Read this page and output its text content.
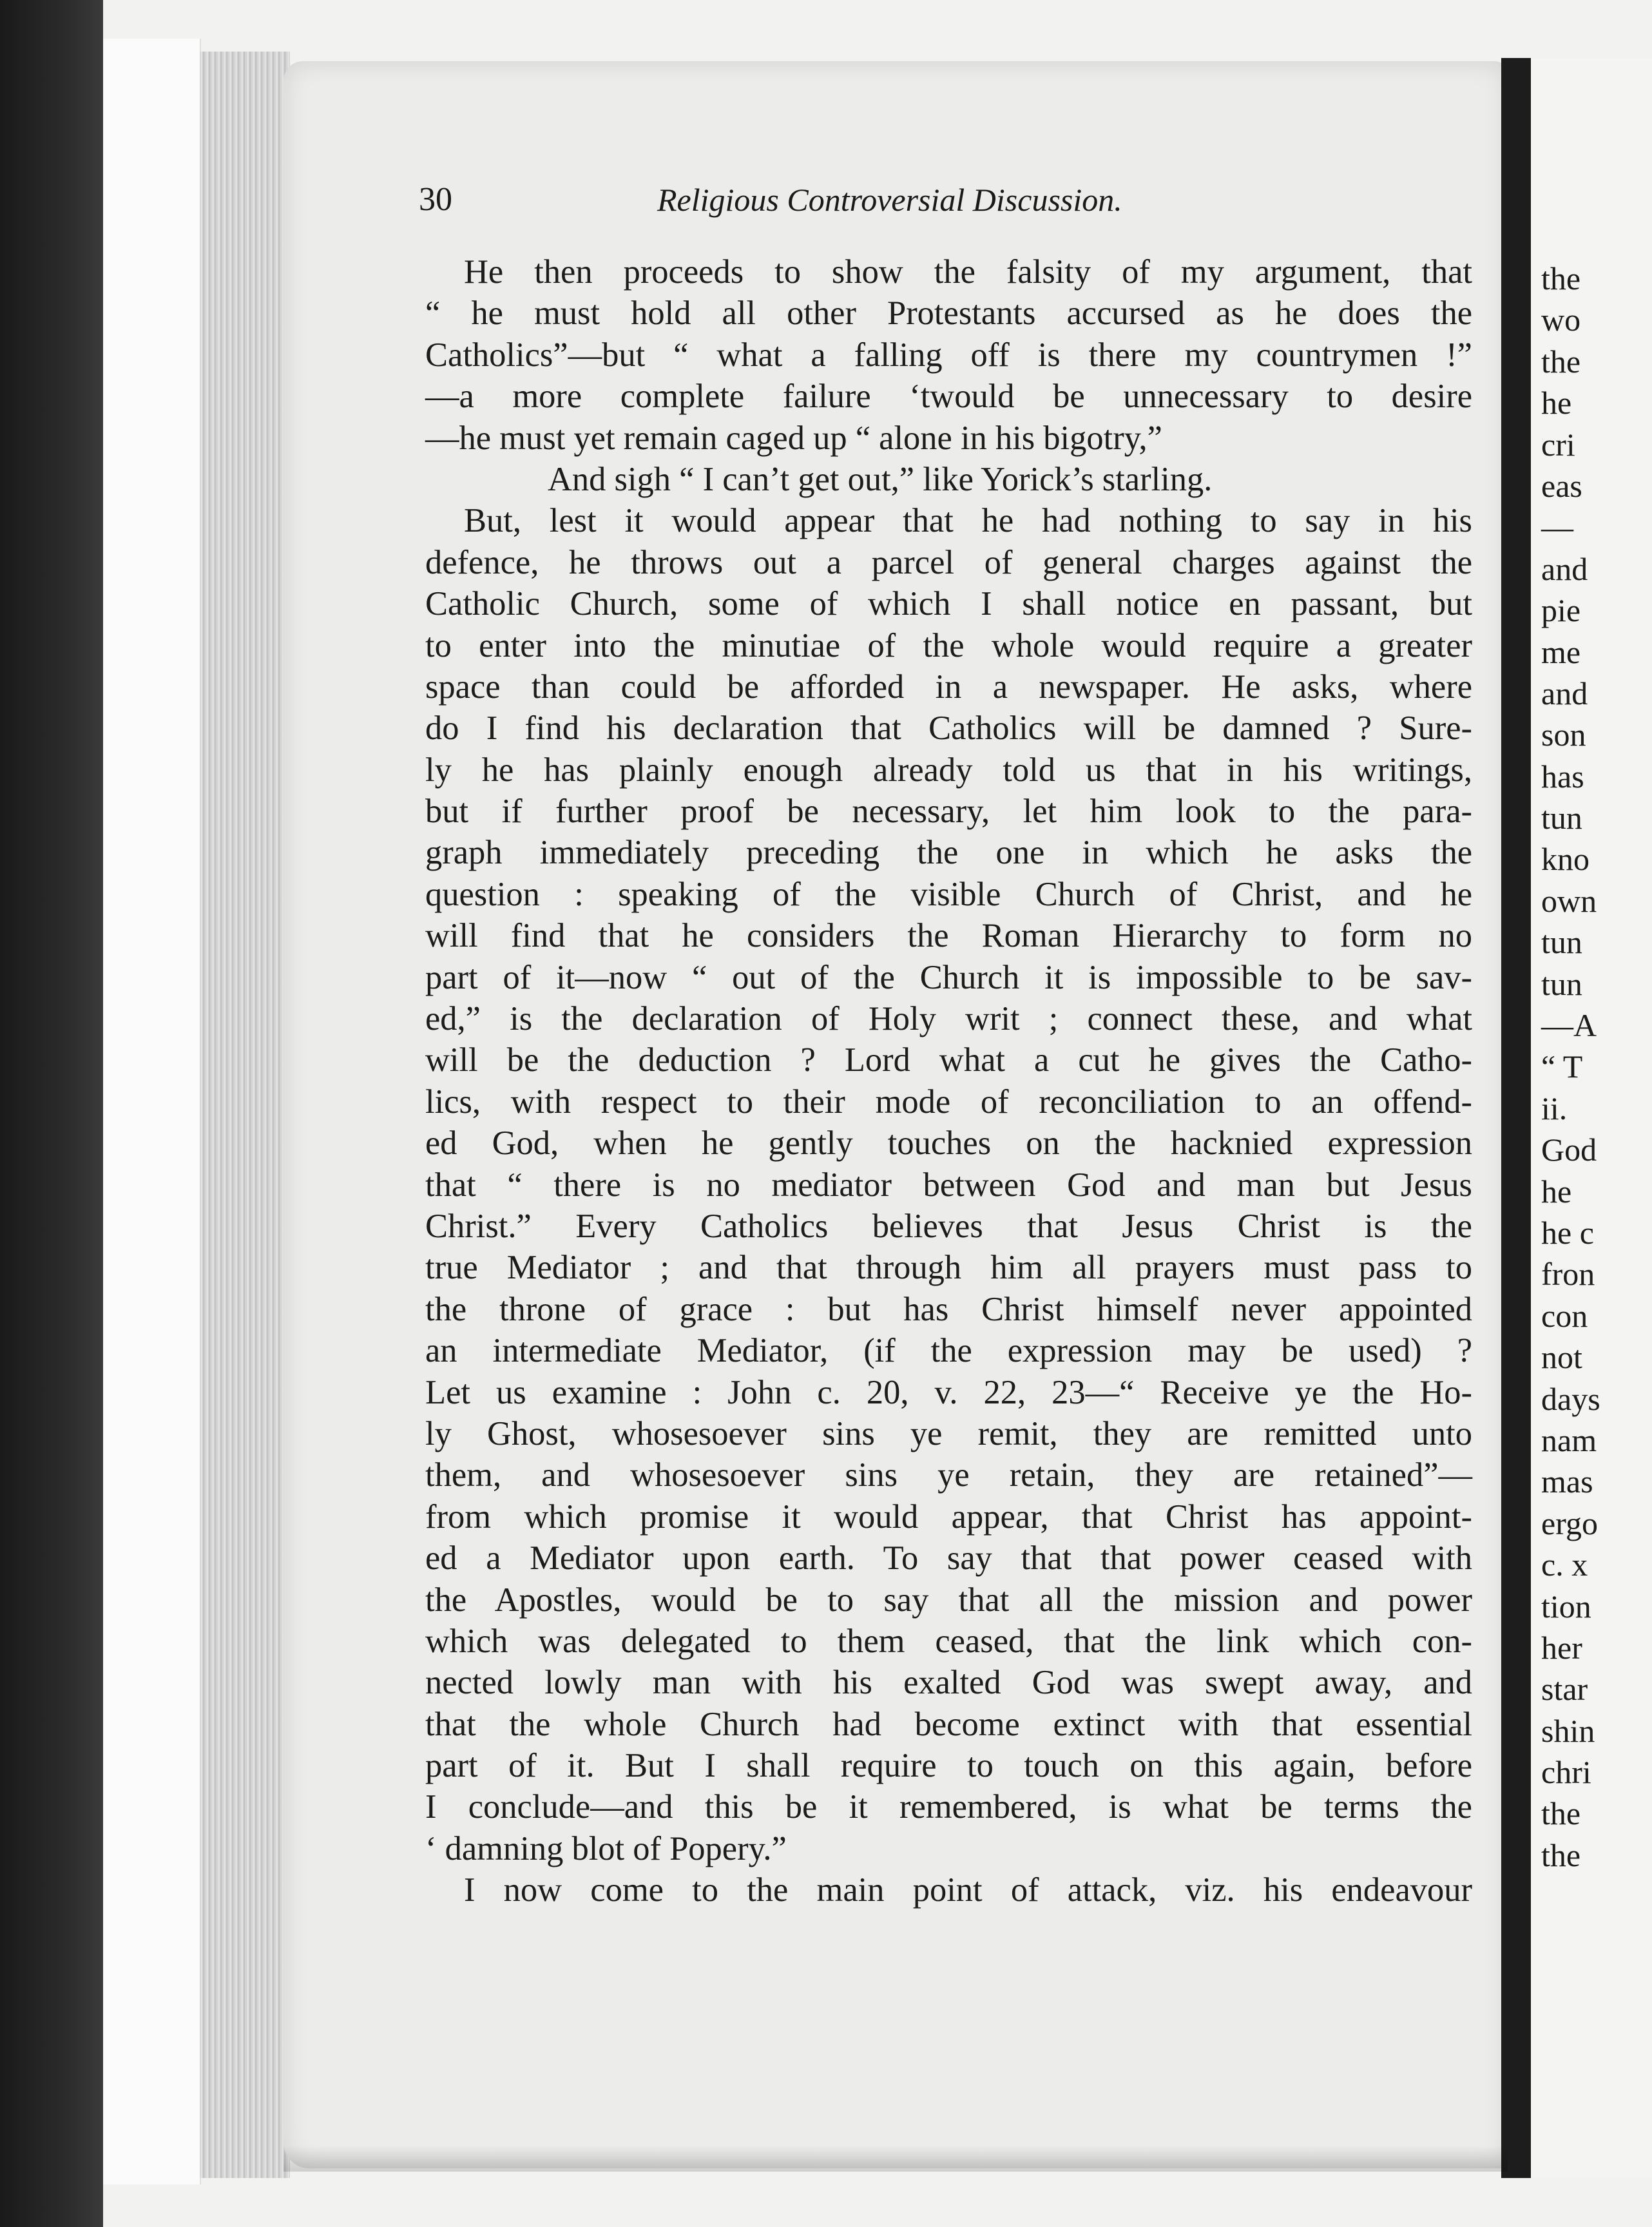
30	Religious Controversial Discussion.
He then proceeds to show the falsity of my argument, that
“ he must hold all other Protestants accursed as he does the
Catholics”—but “ what a falling off is there my countrymen !”
—a more complete failure ‘twould be unnecessary to desire
—he must yet remain caged up “ alone in his bigotry,”
And sigh “ I can’t get out,” like Yorick’s starling.
But, lest it would appear that he had nothing to say in his
defence, he throws out a parcel of general charges against the
Catholic Church, some of which I shall notice en passant, but
to enter into the minutiae of the whole would require a greater
space than could be afforded in a newspaper. He asks, where
do I find his declaration that Catholics will be damned ? Sure-
ly he has plainly enough already told us that in his writings,
but if further proof be necessary, let him look to the para-
graph immediately preceding the one in which he asks the
question : speaking of the visible Church of Christ, and he
will find that he considers the Roman Hierarchy to form no
part of it—now “ out of the Church it is impossible to be sav-
ed,” is the declaration of Holy writ ; connect these, and what
will be the deduction ? Lord what a cut he gives the Catho-
lics, with respect to their mode of reconciliation to an offend-
ed God, when he gently touches on the hacknied expression
that “ there is no mediator between God and man but Jesus
Christ.” Every Catholics believes that Jesus Christ is the
true Mediator ; and that through him all prayers must pass to
the throne of grace : but has Christ himself never appointed
an intermediate Mediator, (if the expression may be used) ?
Let us examine : John c. 20, v. 22, 23—“ Receive ye the Ho-
ly Ghost, whosesoever sins ye remit, they are remitted unto
them, and whosesoever sins ye retain, they are retained”—
from which promise it would appear, that Christ has appoint-
ed a Mediator upon earth. To say that that power ceased with
the Apostles, would be to say that all the mission and power
which was delegated to them ceased, that the link which con-
nected lowly man with his exalted God was swept away, and
that the whole Church had become extinct with that essential
part of it. But I shall require to touch on this again, before
I conclude—and this be it remembered, is what be terms the
‘ damning blot of Popery.”
I now come to the main point of attack, viz. his endeavour
the
wo
the
he
cri
eas
—
and
pie
me
and
son
has
tun
kno
own
tun
tun
—A
“ T
ii.
God
he
he c
fron
con
not
days
nam
mas
ergo
c. x
tion
her
star
shin
chri
the
the
